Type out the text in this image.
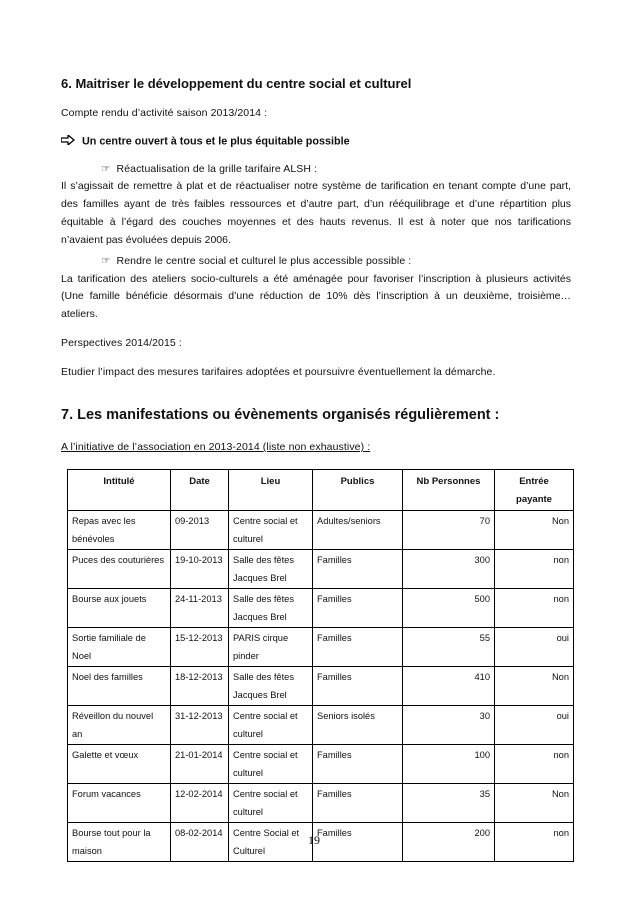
6. Maitriser le développement du centre social et culturel
Compte rendu d’activité saison 2013/2014 :
Un centre ouvert à tous et le plus équitable possible
☞ Réactualisation de la grille tarifaire ALSH :
Il s’agissait de remettre à plat et de réactualiser notre système de tarification en tenant compte d’une part,
des familles ayant de très faibles ressources et d’autre part, d’un rééquilibrage et d’une répartition plus
équitable à l’égard des couches moyennes et des hauts revenus. Il est à noter que nos tarifications
n’avaient pas évoluées depuis 2006.
☞ Rendre le centre social et culturel le plus accessible possible :
La tarification des ateliers socio-culturels a été aménagée pour favoriser l’inscription à plusieurs activités
(Une famille bénéficie désormais d’une réduction de 10% dès l’inscription à un deuxième, troisième…
ateliers.
Perspectives 2014/2015 :
Etudier l’impact des mesures tarifaires adoptées et poursuivre éventuellement la démarche.
7. Les manifestations ou évènements organisés régulièrement :
A l’initiative de l’association en 2013-2014 (liste non exhaustive) :
Intitulé	Date	Lieu	Publics	Nb Personnes	Entrée payante
Repas avec les bénévoles	09-2013	Centre social et culturel	Adultes/seniors	70	Non
Puces des couturières	19-10-2013	Salle des fêtes Jacques Brel	Familles	300	non
Bourse aux jouets	24-11-2013	Salle des fêtes Jacques Brel	Familles	500	non
Sortie familiale de Noel	15-12-2013	PARIS cirque pinder	Familles	55	oui
Noel des familles	18-12-2013	Salle des fêtes Jacques Brel	Familles	410	Non
Réveillon du nouvel an	31-12-2013	Centre social et culturel	Seniors isolés	30	oui
Galette et vœux	21-01-2014	Centre social et culturel	Familles	100	non
Forum vacances	12-02-2014	Centre social et culturel	Familles	35	Non
Bourse tout pour la maison	08-02-2014	Centre Social et Culturel	Familles	200	non
19
